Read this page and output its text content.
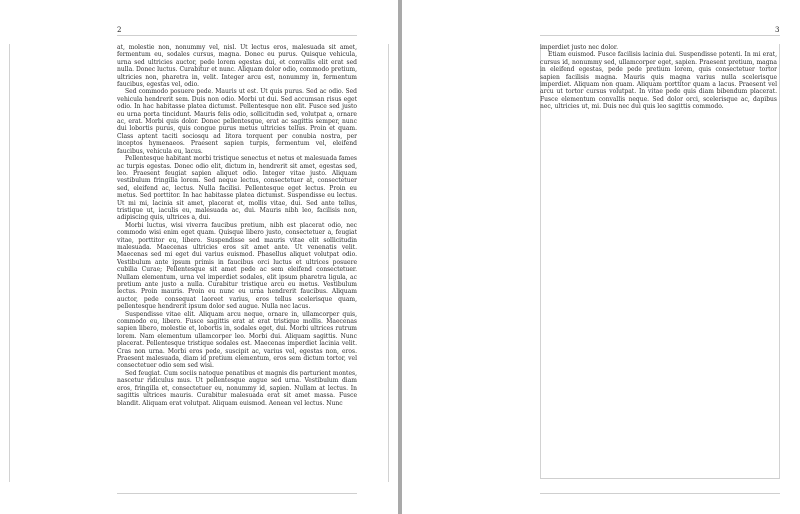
2

at, molestie non, nonummy vel, nisl. Ut lectus eros, malesuada sit amet, fermentum eu, sodales cursus, magna. Donec eu purus. Quisque vehicula, urna sed ultricies auctor, pede lorem egestas dui, et convallis elit erat sed nulla. Donec luctus. Curabitur et nunc. Aliquam dolor odio, commodo pretium, ultricies non, pharetra in, velit. Integer arcu est, nonummy in, fermentum faucibus, egestas vel, odio.

Sed commodo posuere pede. Mauris ut est. Ut quis purus. Sed ac odio. Sed vehicula hendrerit sem. Duis non odio. Morbi ut dui. Sed accumsan risus eget odio. In hac habitasse platea dictumst. Pellentesque non elit. Fusce sed justo eu urna porta tincidunt. Mauris felis odio, sollicitudin sed, volutpat a, ornare ac, erat. Morbi quis dolor. Donec pellentesque, erat ac sagittis semper, nunc dui lobortis purus, quis congue purus metus ultricies tellus. Proin et quam. Class aptent taciti sociosqu ad litora torquent per conubia nostra, per inceptos hymenaeos. Praesent sapien turpis, fermentum vel, eleifend faucibus, vehicula eu, lacus.

Pellentesque habitant morbi tristique senectus et netus et malesuada fames ac turpis egestas. Donec odio elit, dictum in, hendrerit sit amet, egestas sed, leo. Praesent feugiat sapien aliquet odio. Integer vitae justo. Aliquam vestibulum fringilla lorem. Sed neque lectus, consectetuer at, consectetuer sed, eleifend ac, lectus. Nulla facilisi. Pellentesque eget lectus. Proin eu metus. Sed porttitor. In hac habitasse platea dictumst. Suspendisse eu lectus. Ut mi mi, lacinia sit amet, placerat et, mollis vitae, dui. Sed ante tellus, tristique ut, iaculis eu, malesuada ac, dui. Mauris nibh leo, facilisis non, adipiscing quis, ultrices a, dui.

Morbi luctus, wisi viverra faucibus pretium, nibh est placerat odio, nec commodo wisi enim eget quam. Quisque libero justo, consectetuer a, feugiat vitae, porttitor eu, libero. Suspendisse sed mauris vitae elit sollicitudin malesuada. Maecenas ultricies eros sit amet ante. Ut venenatis velit. Maecenas sed mi eget dui varius euismod. Phasellus aliquet volutpat odio. Vestibulum ante ipsum primis in faucibus orci luctus et ultrices posuere cubilia Curae; Pellentesque sit amet pede ac sem eleifend consectetuer. Nullam elementum, urna vel imperdiet sodales, elit ipsum pharetra ligula, ac pretium ante justo a nulla. Curabitur tristique arcu eu metus. Vestibulum lectus. Proin mauris. Proin eu nunc eu urna hendrerit faucibus. Aliquam auctor, pede consequat laoreet varius, eros tellus scelerisque quam, pellentesque hendrerit ipsum dolor sed augue. Nulla nec lacus.

Suspendisse vitae elit. Aliquam arcu neque, ornare in, ullamcorper quis, commodo eu, libero. Fusce sagittis erat at erat tristique mollis. Maecenas sapien libero, molestie et, lobortis in, sodales eget, dui. Morbi ultrices rutrum lorem. Nam elementum ullamcorper leo. Morbi dui. Aliquam sagittis. Nunc placerat. Pellentesque tristique sodales est. Maecenas imperdiet lacinia velit. Cras non urna. Morbi eros pede, suscipit ac, varius vel, egestas non, eros. Praesent malesuada, diam id pretium elementum, eros sem dictum tortor, vel consectetuer odio sem sed wisi.

Sed feugiat. Cum sociis natoque penatibus et magnis dis parturient montes, nascetur ridiculus mus. Ut pellentesque augue sed urna. Vestibulum diam eros, fringilla et, consectetuer eu, nonummy id, sapien. Nullam at lectus. In sagittis ultrices mauris. Curabitur malesuada erat sit amet massa. Fusce blandit. Aliquam erat volutpat. Aliquam euismod. Aenean vel lectus. Nunc

3

imperdiet justo nec dolor.

Etiam euismod. Fusce facilisis lacinia dui. Suspendisse potenti. In mi erat, cursus id, nonummy sed, ullamcorper eget, sapien. Praesent pretium, magna in eleifend egestas, pede pede pretium lorem, quis consectetuer tortor sapien facilisis magna. Mauris quis magna varius nulla scelerisque imperdiet. Aliquam non quam. Aliquam porttitor quam a lacus. Praesent vel arcu ut tortor cursus volutpat. In vitae pede quis diam bibendum placerat. Fusce elementum convallis neque. Sed dolor orci, scelerisque ac, dapibus nec, ultricies ut, mi. Duis nec dui quis leo sagittis commodo.
